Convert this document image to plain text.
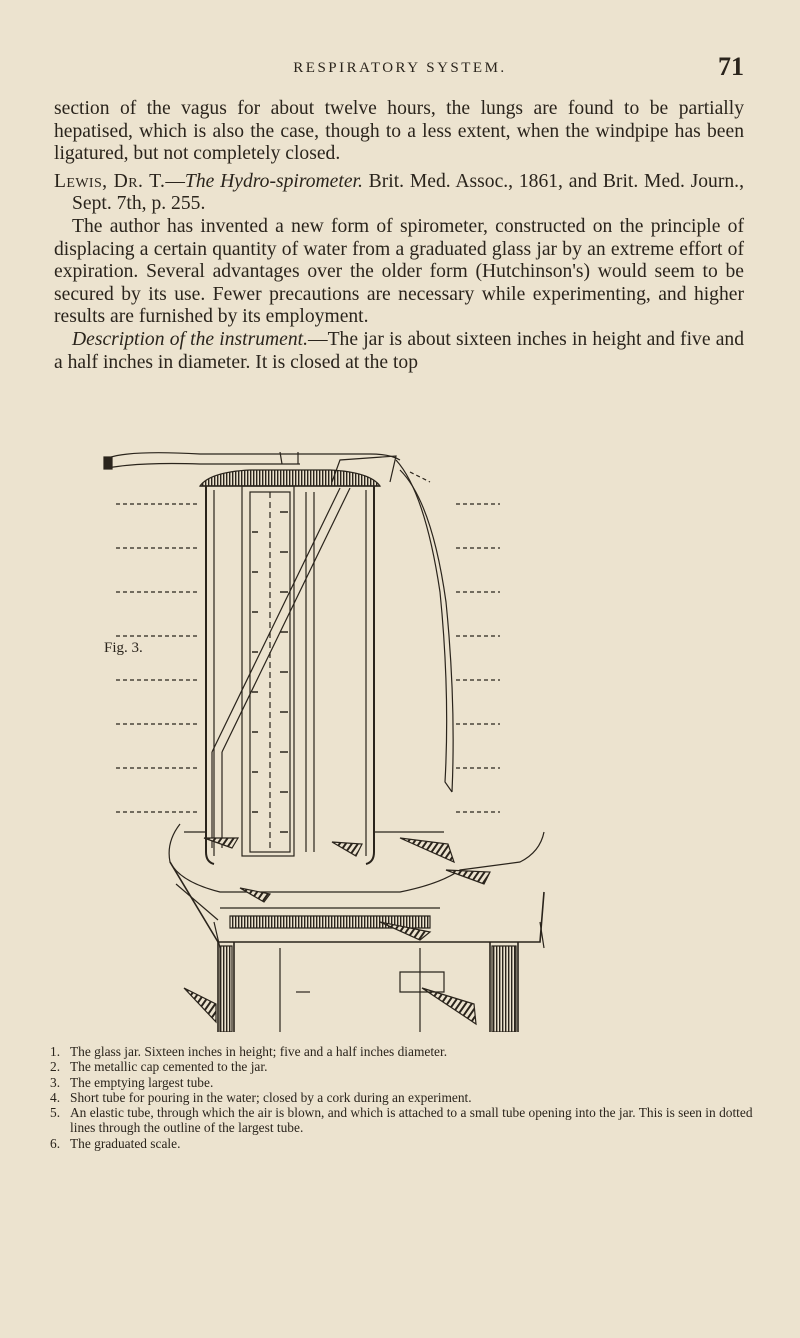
RESPIRATORY SYSTEM.	71

section of the vagus for about twelve hours, the lungs are found to be partially hepatised, which is also the case, though to a less extent, when the windpipe has been ligatured, but not completely closed.

Lewis, Dr. T.—The Hydro-spirometer. Brit. Med. Assoc., 1861, and Brit. Med. Journ., Sept. 7th, p. 255.

The author has invented a new form of spirometer, constructed on the principle of displacing a certain quantity of water from a graduated glass jar by an extreme effort of expiration. Several advantages over the older form (Hutchinson's) would seem to be secured by its use. Fewer precautions are necessary while experimenting, and higher results are furnished by its employment.

Description of the instrument.—The jar is about sixteen inches in height and five and a half inches in diameter. It is closed at the top

Fig. 3.
1. The glass jar. Sixteen inches in height; five and a half inches diameter.
2. The metallic cap cemented to the jar.
3. The emptying largest tube.
4. Short tube for pouring in the water; closed by a cork during an experiment.
5. An elastic tube, through which the air is blown, and which is attached to a small tube opening into the jar. This is seen in dotted lines through the outline of the largest tube.
6. The graduated scale.
